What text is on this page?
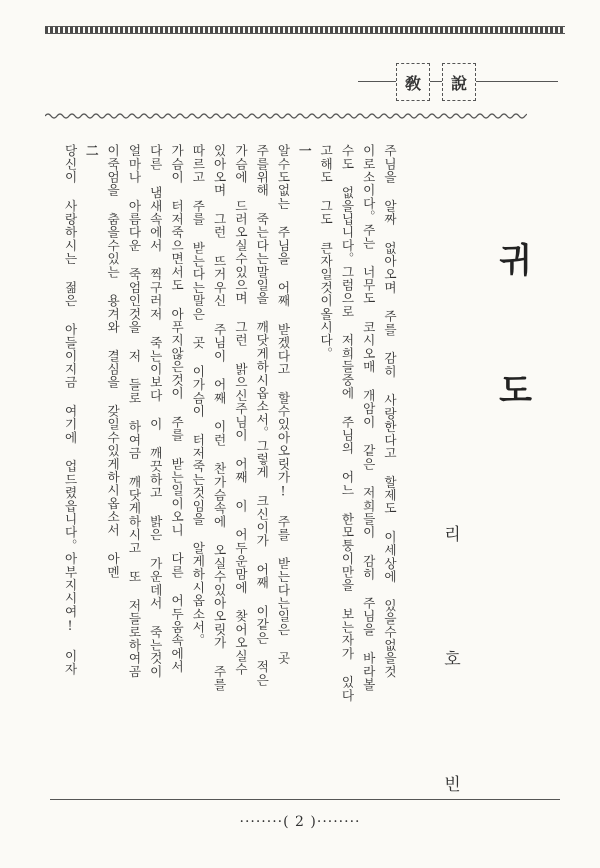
敎 說
귀 도
리 호 빈
주님을 알짜 없아오며 주를 감히 사랑한다고 할제도 이세상에 있을수없을것
이로소이다。주는 너무도 코시오매 개암이 같은 저희들이 감히 주님을 바라볼
수도 없을닙니다。그럼으로 저희들중에 주님의 어느 한모퉁이만을 보는자가 있다
고해도 그도 큰자일것이올시다。
一
알수도없는 주님을 어째 받겠다고 할수있아오릿가! 주를 받는다는일은 곳
주를위해 죽는다는말일을 깨닷게하시옵소서。그렇게 크신이가 어째 이같은 적은
가슴에 드러오실수있으며 그런 밝으신주님이 어째 이 어두운맘에 찾어오실수
있아오며 그런 뜨거우신 주님이 어째 이런 찬가슴속에 오실수있아오릿가 주를
따르고 주를 받는다는말은 곳 이가슴이 터저죽는것임을 알게하시옵소서。
가슴이 터저죽으면서도 아푸지않은것이 주를 받는일이오니 다른 어두움속에서
다른 냄새속에서 찍구러저 죽는이보다 이 깨끗하고 밝은 가운데서 죽는것이
얼마나 아름다운 죽엄인것을 저 들로 하여금 깨닷게하시고 또 저들로하여곰
이죽엄을 춤을수있는 용겨와 결심을 갖일수있게하시옵소서 아멘
二
당신이 사랑하시는 젊은 아들이지금 여기에 업드렸읍니다。아부지시여! 이자
········( 2 )········
